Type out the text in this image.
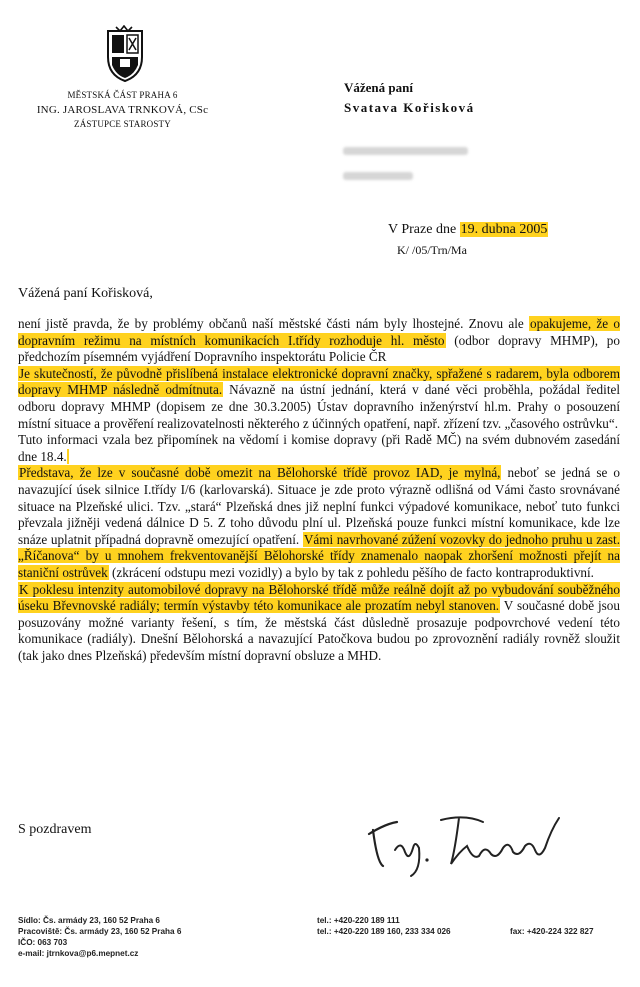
MĚSTSKÁ ČÁST PRAHA 6
ING. JAROSLAVA TRNKOVÁ, CSc
ZÁSTUPCE STAROSTY
Vážená paní
Svatava Kořisková
V Praze dne 19. dubna 2005
K/ /05/Trn/Ma
Vážená paní Kořisková,

není jistě pravda, že by problémy občanů naší městské části nám byly lhostejné. Znovu ale opakujeme, že o dopravním režimu na místních komunikacích I.třídy rozhoduje hl. město (odbor dopravy MHMP), po předchozím písemném vyjádření Dopravního inspektorátu Policie ČR

Je skutečností, že původně přislíbená instalace elektronické dopravní značky, spřažené s radarem, byla odborem dopravy MHMP následně odmítnuta. Návazně na ústní jednání, která v dané věci proběhla, požádal ředitel odboru dopravy MHMP (dopisem ze dne 30.3.2005) Ústav dopravního inženýrství hl.m. Prahy o posouzení místní situace a prověření realizovatelnosti některého z účinných opatření, např. zřízení tzv. „časového ostrůvku“.

Tuto informaci vzala bez připomínek na vědomí i komise dopravy (při Radě MČ) na svém dubnovém zasedání dne 18.4.

Představa, že lze v současné době omezit na Bělohorské třídě provoz IAD, je mylná, neboť se jedná se o navazující úsek silnice I.třídy I/6 (karlovarská). Situace je zde proto výrazně odlišná od Vámi často srovnávané situace na Plzeňské ulici. Tzv. „stará“ Plzeňská dnes již neplní funkci výpadové komunikace, neboť tuto funkci převzala jižněji vedená dálnice D 5. Z toho důvodu plní ul. Plzeňská pouze funkci místní komunikace, kde lze snáze uplatnit případná dopravně omezující opatření. Vámi navrhované zúžení vozovky do jednoho pruhu u zast. „Říčanova“ by u mnohem frekventovanější Bělohorské třídy znamenalo naopak zhoršení možnosti přejít na staniční ostrůvek (zkrácení odstupu mezi vozidly) a bylo by tak z pohledu pěšího de facto kontraproduktivní.

K poklesu intenzity automobilové dopravy na Bělohorské třídě může reálně dojít až po vybudování souběžného úseku Břevnovské radiály; termín výstavby této komunikace ale prozatím nebyl stanoven. V současné době jsou posuzovány možné varianty řešení, s tím, že městská část důsledně prosazuje podpovrchové vedení této komunikace (radiály). Dnešní Bělohorská a navazující Patočkova budou po zprovoznění radiály rovněž sloužit (tak jako dnes Plzeňská) především místní dopravní obsluze a MHD.

S pozdravem
Sídlo: Čs. armády 23, 160 52 Praha 6
Pracoviště: Čs. armády 23, 160 52 Praha 6
IČO: 063 703
e-mail: jtrnkova@p6.mepnet.cz
tel.: +420-220 189 111
tel.: +420-220 189 160, 233 334 026	fax: +420-224 322 827
